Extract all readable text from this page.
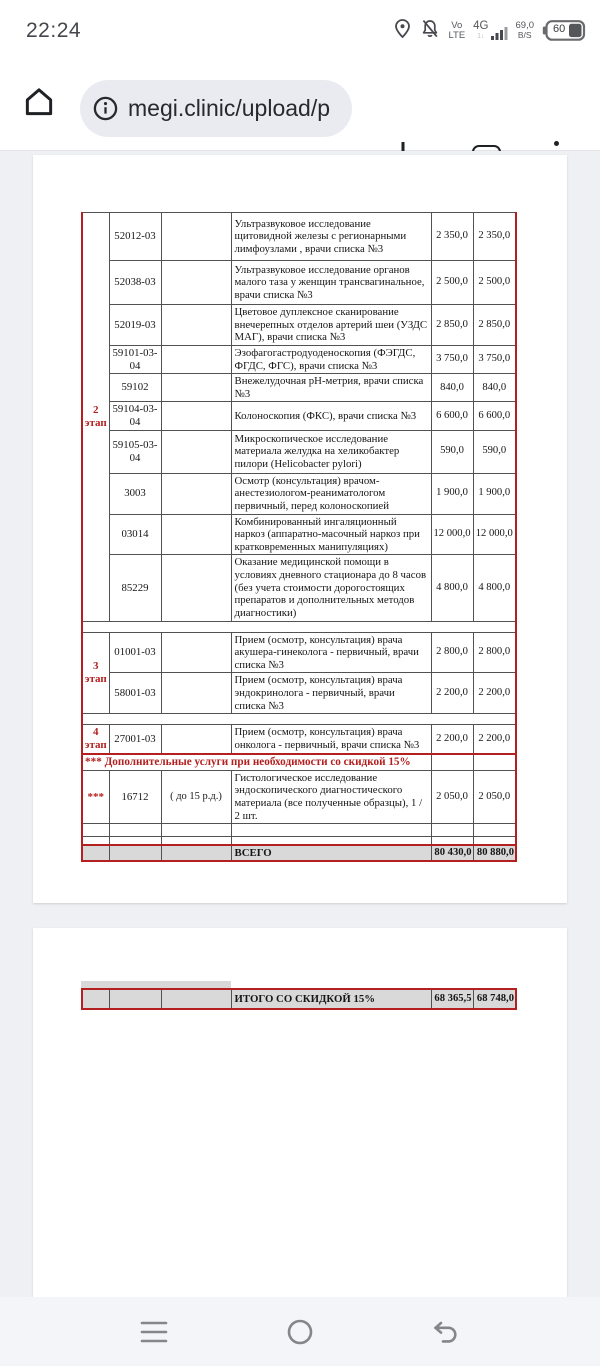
22:24	Vo
LTE
4G
1↓
69,0
B/S
60
megi.clinic/upload/p
2 этап	52012-03		Ультразвуковое исследование щитовидной железы с регионарными лимфоузлами , врачи списка №3	2 350,0	2 350,0
	52038-03		Ультразвуковое исследование органов малого таза у женщин трансвагинальное, врачи списка №3	2 500,0	2 500,0
	52019-03		Цветовое дуплексное сканирование внечерепных отделов артерий шеи (УЗДС МАГ), врачи списка №3	2 850,0	2 850,0
	59101-03-04		Эзофагогастродуоденоскопия (ФЭГДС, ФГДС, ФГС), врачи списка №3	3 750,0	3 750,0
	59102		Внежелудочная рН-метрия, врачи списка №3	840,0	840,0
	59104-03-04		Колоноскопия (ФКС), врачи списка №3	6 600,0	6 600,0
	59105-03-04		Микроскопическое исследование материала желудка на хеликобактер пилори (Helicobacter pylori)	590,0	590,0
	3003		Осмотр (консультация) врачом-анестезиологом-реаниматологом первичный, перед колоноскопией	1 900,0	1 900,0
	03014		Комбинированный ингаляционный наркоз (аппаратно-масочный наркоз при кратковременных манипуляциях)	12 000,0	12 000,0
	85229		Оказание медицинской помощи в условиях дневного стационара до 8 часов (без учета стоимости дорогостоящих препаратов и дополнительных методов диагностики)	4 800,0	4 800,0

3 этап	01001-03		Прием (осмотр, консультация) врача акушера-гинеколога - первичный, врачи списка №3	2 800,0	2 800,0
	58001-03		Прием (осмотр, консультация) врача эндокринолога - первичный, врачи списка №3	2 200,0	2 200,0

4 этап	27001-03		Прием (осмотр, консультация) врача онколога - первичный, врачи списка №3	2 200,0	2 200,0
*** Дополнительные услуги при необходимости со скидкой 15%					
***	16712	( до 15 р.д.)	Гистологическое исследование эндоскопического диагностического материала (все полученные образцы), 1 / 2 шт.	2 050,0	2 050,0

			ВСЕГО	80 430,0	80 880,0
			ИТОГО СО СКИДКОЙ 15%	68 365,5	68 748,0
